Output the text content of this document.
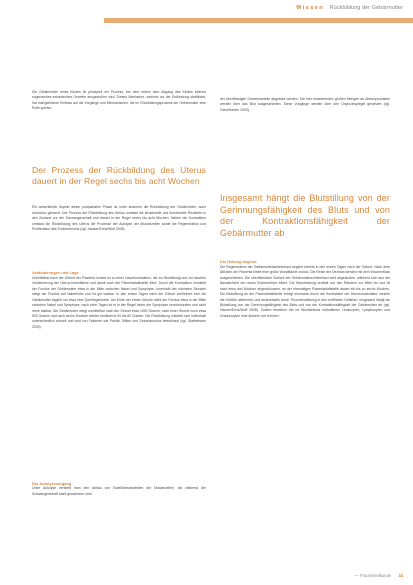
Wissen Rückbildung der Gebärmutter

Die Gebärmutter eines Kindes ist prinzipiell ein Prozess, bei dem neben dem Abgang des Kindes ebenso sogenanntes extrauterines Gewebe ausgestoßen wird. Dieses Wachstum, welches vor der Entbindung stattfindet, hat maßgeblichen Einfluss auf die Vorgänge und Mechanismen, die im Rückbildungsprozess der Gebärmutter eine Rolle spielen.

Der Prozess der Rückbildung des Uterus dauert in der Regel sechs bis acht Wochen

Ein wesentlicher Aspekt dieser postpartalen Phase ist unter anderem die Rückbildung der Gebärmutter, auch Involution genannt. Der Prozess der Rückbildung des Uterus umfasst die strukturelle und funktionelle Rückkehr in den Zustand vor der Schwangerschaft und dauert in der Regel sechs bis acht Wochen. Neben der Kontraktion umfasst die Rückbildung des Uterus die Prozesse der Autolyse der Muskelzellen sowie die Regeneration und Proliferation des Endometriums (vgl. Hauser/Enns/Wolf 2008).

Veränderungen und Lage

Unmittelbar nach der Geburt der Plazenta kommt es zu einer Dauerkontraktion, die zur Blutstillung und zur raschen Verkleinerung der Uterus-Innenfläche und damit auch der Plazentahaftstelle führt. Durch die Kontraktion verbleibt der Fundus der Gebärmutter etwa in der Mitte zwischen Nabel und Symphyse. Innerhalb der nächsten Stunden steigt der Fundus auf Nabelhöhe und ist gut tastbar. In den ersten Tagen nach der Geburt verkleinert sich die Gebärmutter täglich um etwa eine Querfingerbreite. Am Ende der ersten Woche steht der Fundus etwa in der Mitte zwischen Nabel und Symphyse, nach zehn Tagen ist er in der Regel hinter der Symphyse verschwunden und nicht mehr tastbar. Die Gebärmutter wiegt unmittelbar nach der Geburt etwa 1000 Gramm, nach einer Woche noch etwa 500 Gramm und nach sechs Wochen wieder annähernd 60 bis 80 Gramm. Die Rückbildung vollzieht sich individuell unterschiedlich schnell und wird von Faktoren wie Parität, Stillen und Geburtsmodus beeinflusst (vgl. Stadelmann 2005).

Der Autolysevorgang

Unter Autolyse versteht man den Abbau von Eiweißbestandteilen der Muskelzellen, die während der Schwangerschaft stark gewachsen sind.

der überflüssigen Gewebeanteile abgebaut werden. Die hier entstehenden großen Mengen an Abbauprodukten werden über das Blut ausgeschieden. Diese Vorgänge werden über den Oxytocinspiegel gesteuert (vgl. Geist/Harder 2005).

Insgesamt hängt die Blutstillung von der Gerinnungsfähigkeit des Bluts und von der Kontraktionsfähigkeit der Gebärmutter ab
Die Heilung beginnt

Die Regeneration der Gebärmutterschleimhaut beginnt bereits in den ersten Tagen nach der Geburt. Nach dem Ablösen der Plazenta bleibt eine große Wundfläche zurück. Die Reste der Dezidua werden mit dem Wochenfluss ausgeschieden. Die oberflächliche Schicht der Gebärmutterschleimhaut wird abgestoßen, während sich aus der Basalschicht ein neues Endometrium bildet. Die Wundheilung verläuft von den Rändern zur Mitte hin und ist nach etwa drei Wochen abgeschlossen, an der ehemaligen Plazentahaftstelle dauert sie bis zu sechs Wochen. Die Blutstillung an der Plazentahaftstelle erfolgt einerseits durch die Kontraktion der Uterusmuskulatur, welche die Gefäße abklemmt, und andererseits durch Thrombenbildung in den eröffneten Gefäßen. Insgesamt hängt die Blutstillung von der Gerinnungsfähigkeit des Bluts und von der Kontraktionsfähigkeit der Gebärmutter ab (vgl. Hauser/Enns/Wolf 2008). Zudem bewirken die im Wochenfluss enthaltenen Leukozyten, Lymphozyten und Granulozyten eine Abwehr von Keimen.

— Frauenheilkunde 34
